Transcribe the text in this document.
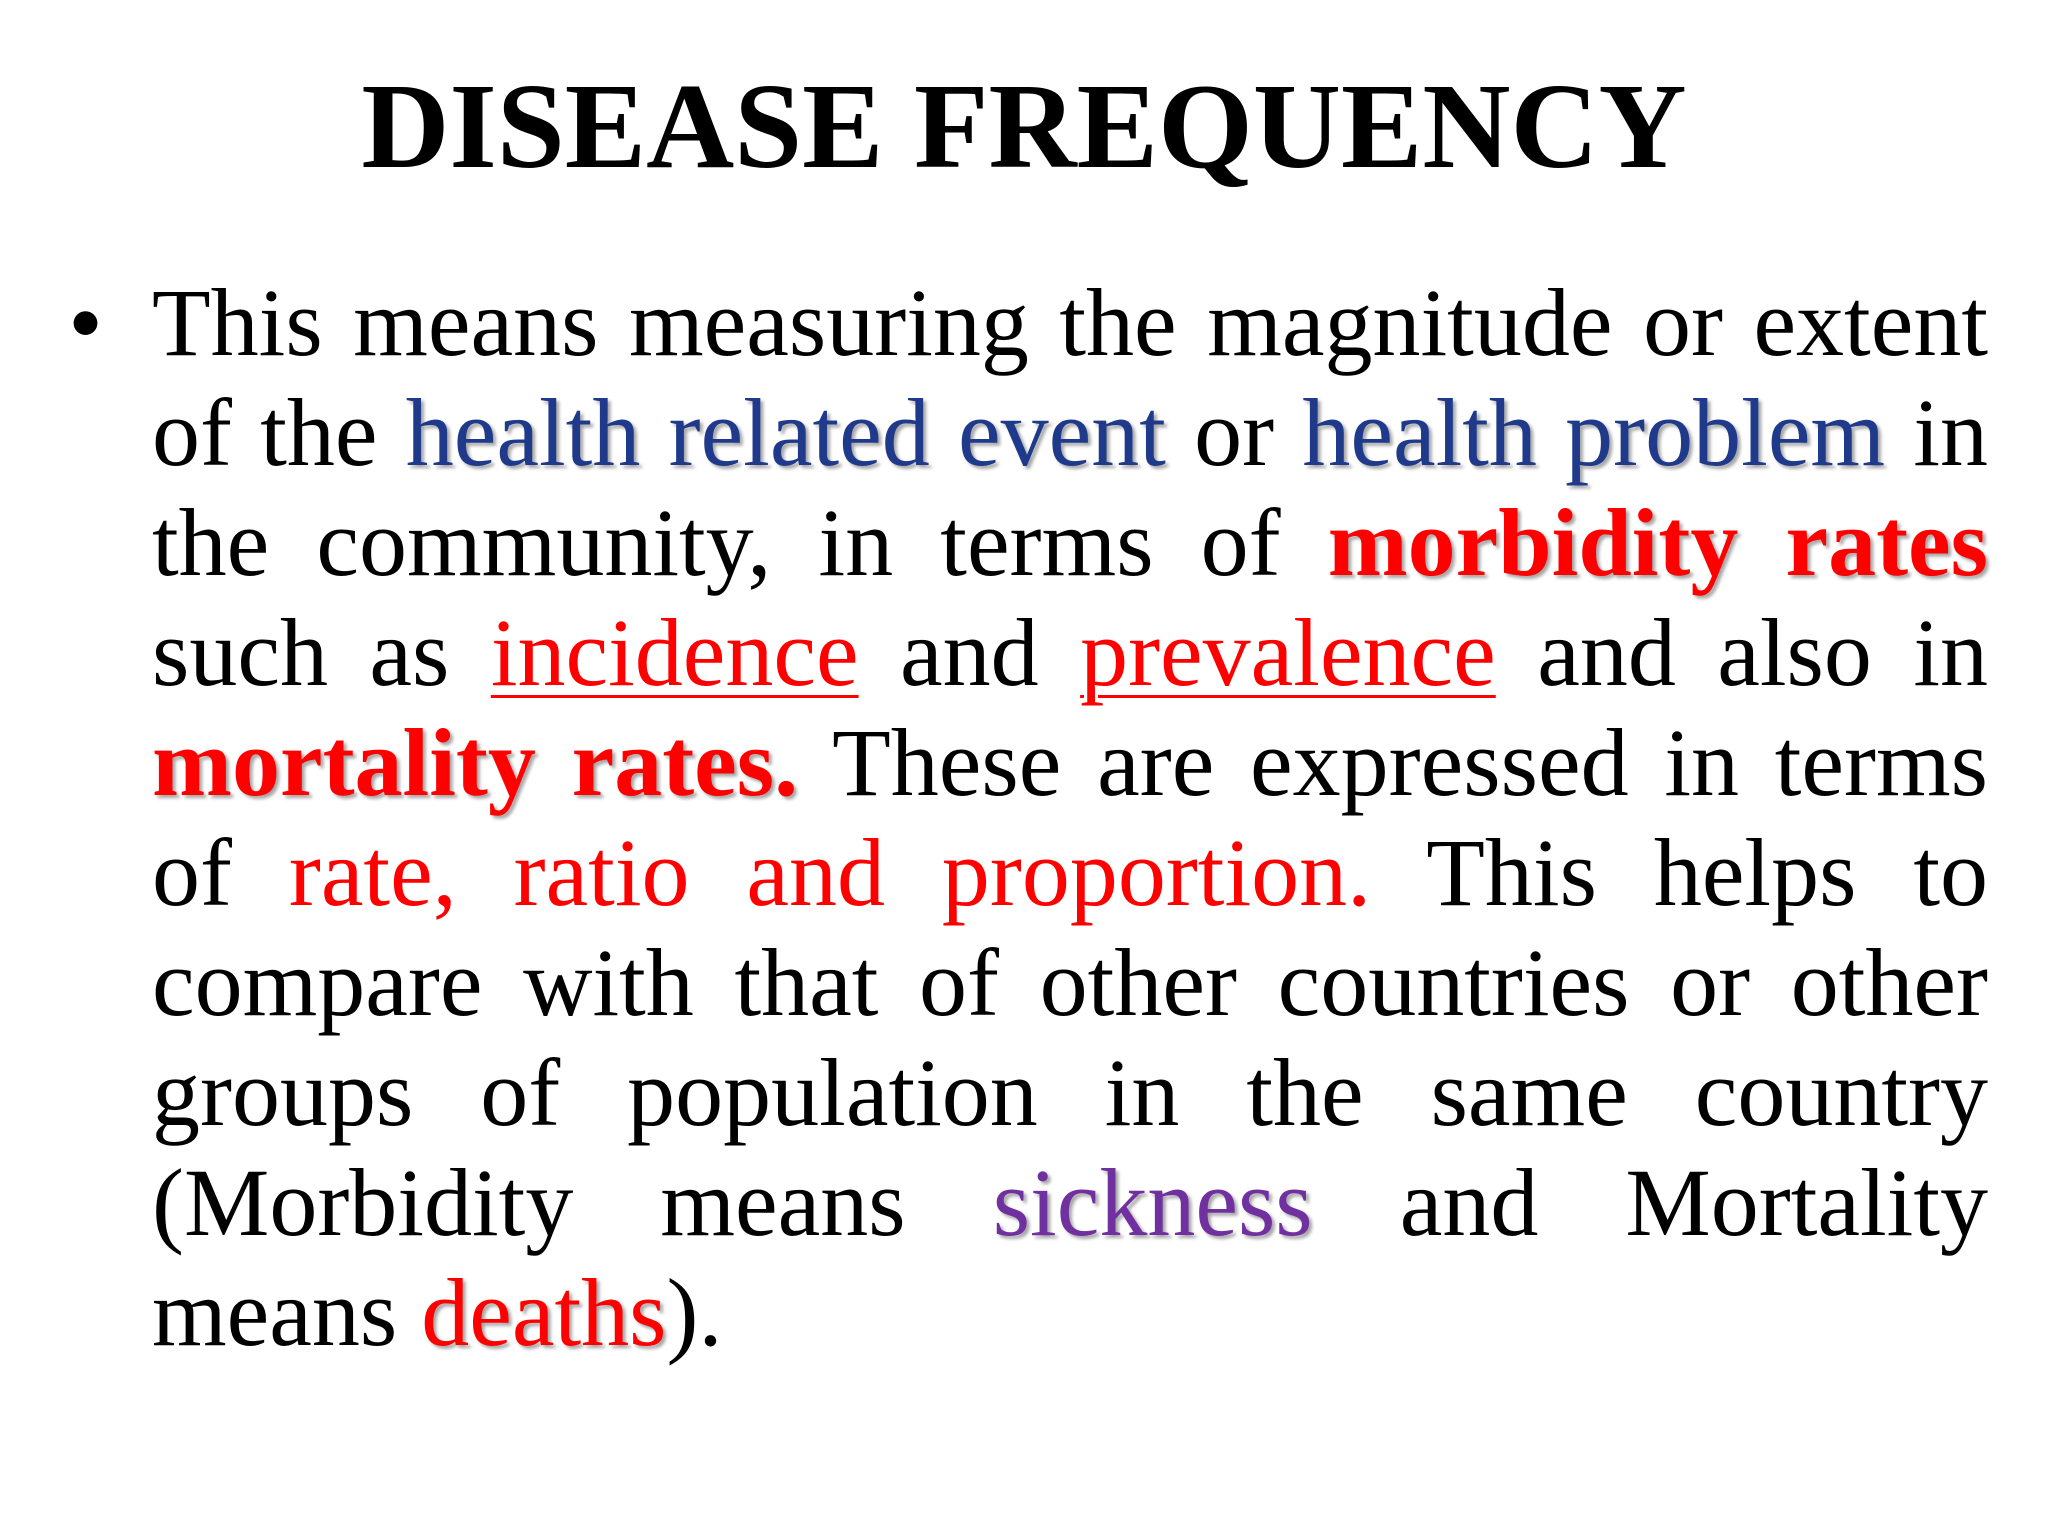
DISEASE FREQUENCY
• This means measuring the magnitude or extent of the health related event or health problem in the community, in terms of morbidity rates such as incidence and prevalence and also in mortality rates. These are expressed in terms of rate, ratio and proportion. This helps to compare with that of other countries or other groups of population in the same country (Morbidity means sickness and Mortality means deaths).
